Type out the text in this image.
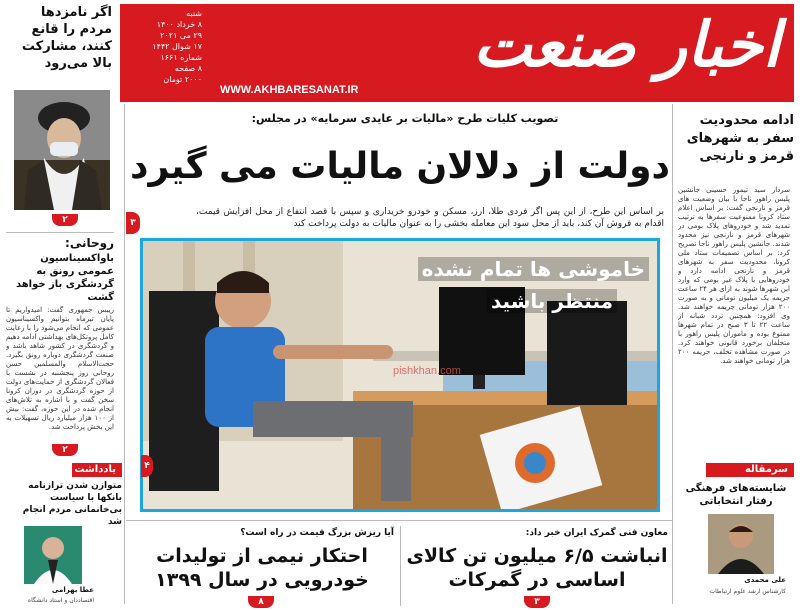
اخبار صنعت
WWW.AKHBARESANAT.IR
شنبه
۸ خرداد ۱۴۰۰
۲۹ می ۲۰۲۱
۱۷ شوال ۱۴۴۲
شماره ۱۶۶۱
۸ صفحه
۲۰۰۰ تومان
اگر نامزدها مردم را قانع کنند، مشارکت بالا می‌رود
۲
روحانی:
باواکسیناسیون عمومی رونق به گردشگری باز خواهد گشت
رییس جمهوری گفت: امیدواریم تا پایان تیرماه بتوانیم واکسیناسیون عمومی که انجام می‌شود را با رعایت کامل پروتکل‌های بهداشتی ادامه دهیم و گردشگری در کشور شاهد باشد و صنعت گردشگری دوباره رونق بگیرد. حجت‌الاسلام والمسلمین حسن روحانی روز پنجشنبه در نشست با فعالان گردشگری از حمایت‌های دولت از حوزه گردشگری در دوران کرونا سخن گفت و با اشاره به تلاش‌های انجام شده در این حوزه، گفت: بیش از ۱۰۰ هزار میلیارد ریال تسهیلات به این بخش پرداخت شد.
۲
یادداشت
متوازن شدن ترازنامه بانکها با سیاست بی‌خانمانی مردم انجام شد
عطا بهرامی
اقتصاددان و استاد دانشگاه
تصویب کلیات طرح «مالیات بر عایدی سرمایه» در مجلس:
دولت از دلالان مالیات می گیرد
بر اساس این طرح، از این پس اگر فردی طلا، ارز، مسکن و خودرو خریداری و سپس با قصد انتفاع از محل افزایش قیمت، اقدام به فروش آن کند، باید از محل سود این معامله بخشی را به عنوان مالیات به دولت پرداخت کند
۳
خاموشی ها تمام نشده
منتظر باشید
pishkhan.com
۴
ادامه محدودیت سفر به شهرهای قرمز و نارنجی
سردار سید تیمور حسینی جانشین پلیس راهور ناجا با بیان وضعیت های قرمز و نارنجی گفت: بر اساس اعلام ستاد کرونا ممنوعیت سفرها به ترتیب تمدید شد و خودروهای پلاک بومی در شهرهای قرمز و نارنجی نیز محدود شدند. جانشین پلیس راهور ناجا تصریح کرد: بر اساس تصمیمات ستاد ملی کرونا، محدودیت سفر به شهرهای قرمز و نارنجی ادامه دارد و خودروهایی با پلاک غیر بومی که وارد این شهرها شوند به ازای هر ۲۴ ساعت جریمه یک میلیون تومانی و به صورت ۲۰۰ هزار تومانی جریمه خواهند شد. وی افزود: همچنین تردد شبانه از ساعت ۲۲ تا ۳ صبح در تمام شهرها ممنوع بوده و ماموران پلیس راهور با متخلفان برخورد قانونی خواهند کرد. در صورت مشاهده تخلف، جریمه ۲۰۰ هزار تومانی خواهند شد.
سرمقاله
شایسته‌های فرهنگی رفتار انتخاباتی
علی محمدی
کارشناس ارشد علوم ارتباطات
معاون فنی گمرک ایران خبر داد:
انباشت ۶/۵ میلیون تن کالای اساسی در گمرکات
۳
آیا ریزش بزرگ قیمت در راه است؟
احتکار نیمی از تولیدات خودرویی در سال ۱۳۹۹
۸
